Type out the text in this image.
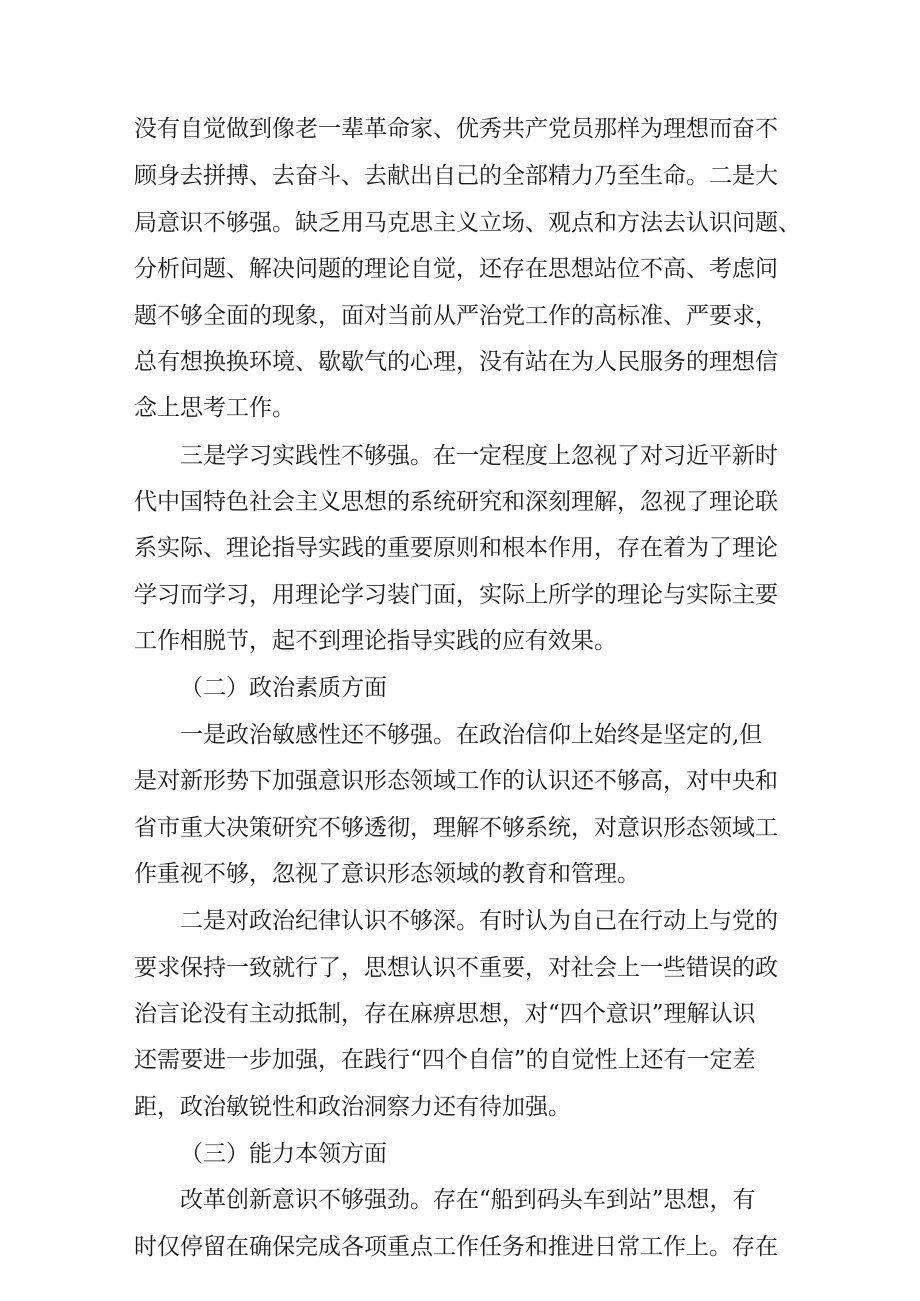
没有自觉做到像老一辈革命家、优秀共产党员那样为理想而奋不
顾身去拼搏、去奋斗、去献出自己的全部精力乃至生命。二是大
局意识不够强。缺乏用马克思主义立场、观点和方法去认识问题、
分析问题、解决问题的理论自觉，还存在思想站位不高、考虑问
题不够全面的现象，面对当前从严治党工作的高标准、严要求，
总有想换换环境、歇歇气的心理，没有站在为人民服务的理想信
念上思考工作。
三是学习实践性不够强。在一定程度上忽视了对习近平新时
代中国特色社会主义思想的系统研究和深刻理解，忽视了理论联
系实际、理论指导实践的重要原则和根本作用，存在着为了理论
学习而学习，用理论学习装门面，实际上所学的理论与实际主要
工作相脱节，起不到理论指导实践的应有效果。
（二）政治素质方面
一是政治敏感性还不够强。在政治信仰上始终是坚定的,但
是对新形势下加强意识形态领域工作的认识还不够高，对中央和
省市重大决策研究不够透彻，理解不够系统，对意识形态领域工
作重视不够，忽视了意识形态领域的教育和管理。
二是对政治纪律认识不够深。有时认为自己在行动上与党的
要求保持一致就行了，思想认识不重要，对社会上一些错误的政
治言论没有主动抵制，存在麻痹思想，对“四个意识”理解认识
还需要进一步加强，在践行“四个自信”的自觉性上还有一定差
距，政治敏锐性和政治洞察力还有待加强。
（三）能力本领方面
改革创新意识不够强劲。存在“船到码头车到站”思想，有
时仅停留在确保完成各项重点工作任务和推进日常工作上。存在
